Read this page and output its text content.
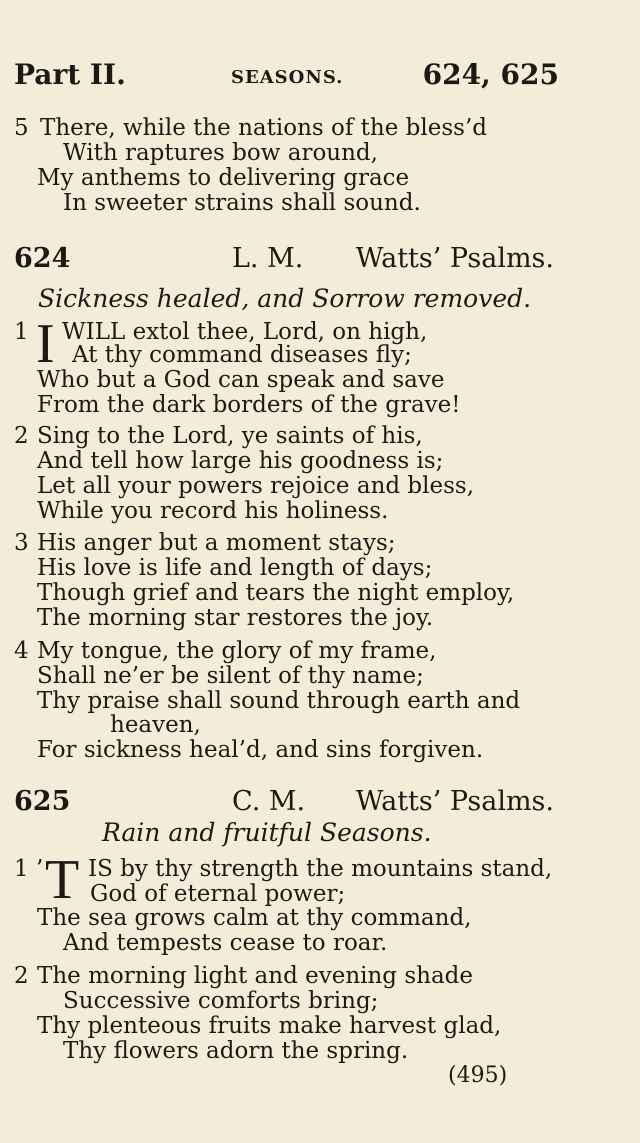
Part II.	SEASONS.	624, 625
5 There, while the nations of the bless’d
With raptures bow around,
My anthems to delivering grace
In sweeter strains shall sound.
624	L. M. Watts’ Psalms.
Sickness healed, and Sorrow removed.
1 I WILL extol thee, Lord, on high,
At thy command diseases fly;
Who but a God can speak and save
From the dark borders of the grave!
2 Sing to the Lord, ye saints of his,
And tell how large his goodness is;
Let all your powers rejoice and bless,
While you record his holiness.
3 His anger but a moment stays;
His love is life and length of days;
Though grief and tears the night employ,
The morning star restores the joy.
4 My tongue, the glory of my frame,
Shall ne’er be silent of thy name;
Thy praise shall sound through earth and
heaven,
For sickness heal’d, and sins forgiven.
625	C. M. Watts’ Psalms.
Rain and fruitful Seasons.
1 ’ T IS by thy strength the mountains stand,
God of eternal power;
The sea grows calm at thy command,
And tempests cease to roar.
2 The morning light and evening shade
Successive comforts bring;
Thy plenteous fruits make harvest glad,
Thy flowers adorn the spring.
(495)
